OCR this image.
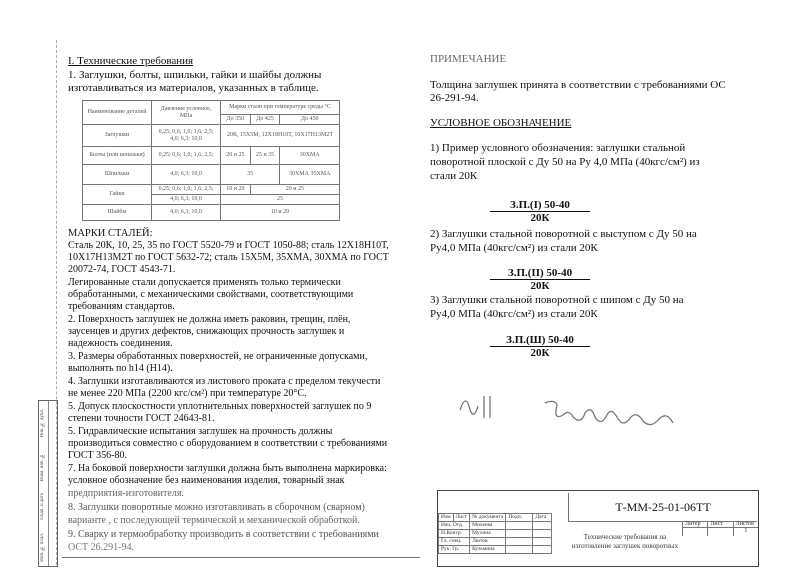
Инв. № подл.
Подп. и дата
Взам. инв. №
Инв. № дубл.
I. Технические требования
1. Заглушки, болты, шпильки, гайки и шайбы должны
изготавливаться из материалов, указанных в таблице.
Наименование деталей	Давление условное, МПа	Марки стали при температуре среды °С		
		До 350	До 425	До 450
Заглушки	0,25; 0,6; 1,0; 1,6; 2,5; 4,0; 6,3; 10,0	20К, 15Х5М, 12Х18Н10Т, 10Х17Н13М2Т		
Болты (или шпильки)	0,25; 0,6; 1,0; 1,6; 2,5;	20 и 25	25 и 35	30ХМА
Шпильки	4,0; 6,3; 10,0	35		30ХМА 35ХМА
Гайки	0,25; 0,6; 1,0; 1,6; 2,5;	10 и 20	20 и 25	
	4,0; 6,3; 10,0	25		
Шайбы	4,0; 6,3; 10,0	10 и 20		
МАРКИ СТАЛЕЙ:
Сталь 20К, 10, 25, 35 по ГОСТ 5520-79 и ГОСТ 1050-88; сталь 12Х18Н10Т,
10Х17Н13М2Т по ГОСТ 5632-72; сталь 15Х5М, 35ХМА, 30ХМА по ГОСТ
20072-74, ГОСТ 4543-71.
Легированные стали допускается применять только термически
обработанными, с механическими свойствами, соответствующими
требованиям стандартов.
2. Поверхность заглушек не должна иметь раковин, трещин, плён,
заусенцев и других дефектов, снижающих прочность заглушек и
надежность соединения.
3. Размеры обработанных поверхностей, не ограниченные допусками,
выполнять по h14 (H14).
4. Заглушки изготавливаются из листового проката с пределом текучести
не менее 220 МПа (2200 кгс/см²) при температуре 20°С.
5. Допуск плоскостности уплотнительных поверхностей заглушек по 9
степени точности ГОСТ 24643-81.
5. Гидравлические испытания заглушек на прочность должны
производиться совместно с оборудованием в соответствии с требованиями
ГОСТ 356-80.
7. На боковой поверхности заглушки должна быть выполнена маркировка:
условное обозначение без наименования изделия, товарный знак
предприятия-изготовителя.
8. Заглушки поворотные можно изготавливать в сборочном (сварном)
варианте , с последующей термической и механической обработкой.
9. Сварку и термообработку производить в соответствии с требованиями
ОСТ 26.291-94.
ПРИМЕЧАНИЕ
Толщина заглушек принята в соответствии с требованиями ОС
26-291-94.
УСЛОВНОЕ ОБОЗНАЧЕНИЕ
1) Пример условного обозначения: заглушки стальной
поворотной плоской с Ду 50 на Ру 4,0 МПа (40кгс/см²) из
стали 20К
З.П.(I) 50-40
20К
2) Заглушки стальной поворотной с выступом с Ду 50 на
Ру4,0 МПа (40кгс/см²) из стали 20К
З.П.(II) 50-40
20К
3) Заглушки стальной поворотной с шипом с Ду 50 на
Ру4,0 МПа (40кгс/см²) из стали 20К
З.П.(Ш) 50-40
20К
Т-ММ-25-01-06ТТ
Изм	Лист	№ документа	Подп.	Дата
Нач. Отд.		Михеева		
Н.Контр.		Мухина		
Гл. спец.		Лютов		
Рук. Гр.		Кузьмина		
Технические требования на
изготовление заглушек поворотных
Литер	Лист	Листов
1
